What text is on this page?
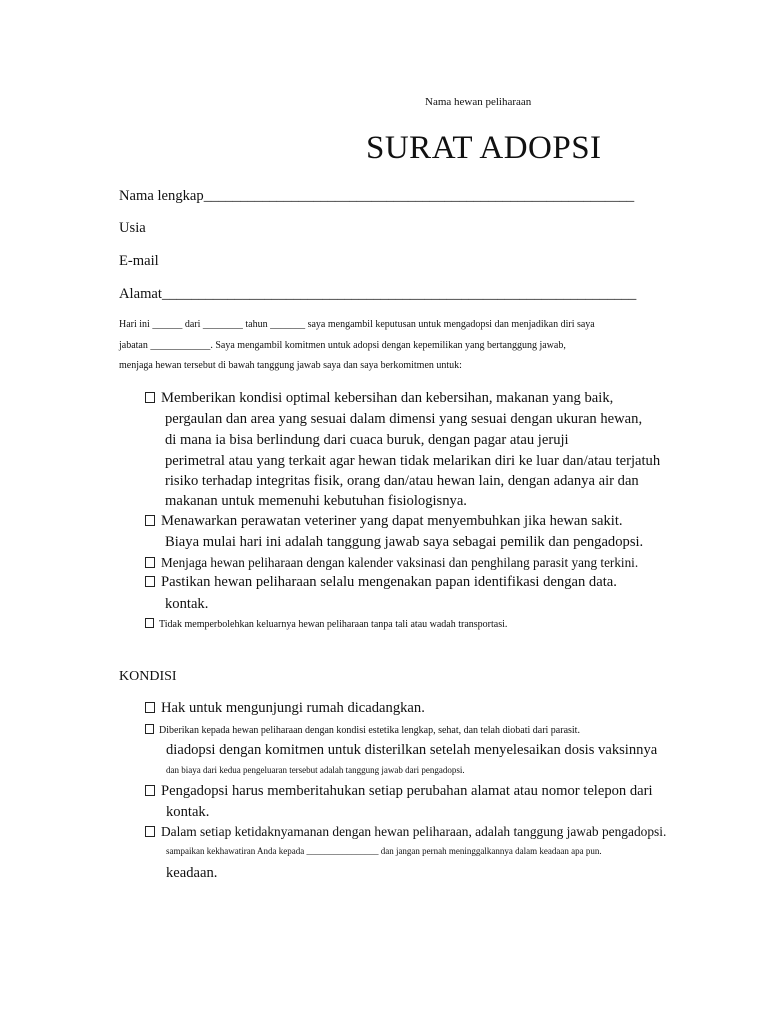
Nama hewan peliharaan
SURAT ADOPSI
Nama lengkap___________________________________________________________
Usia
E-mail
Alamat_________________________________________________________________
Hari ini ______ dari ________ tahun _______ saya mengambil keputusan untuk mengadopsi dan menjadikan diri saya
jabatan ____________. Saya mengambil komitmen untuk adopsi dengan kepemilikan yang bertanggung jawab,
menjaga hewan tersebut di bawah tanggung jawab saya dan saya berkomitmen untuk:
Memberikan kondisi optimal kebersihan dan kebersihan, makanan yang baik,
pergaulan dan area yang sesuai dalam dimensi yang sesuai dengan ukuran hewan,
di mana ia bisa berlindung dari cuaca buruk, dengan pagar atau jeruji
perimetral atau yang terkait agar hewan tidak melarikan diri ke luar dan/atau terjatuh
risiko terhadap integritas fisik, orang dan/atau hewan lain, dengan adanya air dan
makanan untuk memenuhi kebutuhan fisiologisnya.
Menawarkan perawatan veteriner yang dapat menyembuhkan jika hewan sakit.
Biaya mulai hari ini adalah tanggung jawab saya sebagai pemilik dan pengadopsi.
Menjaga hewan peliharaan dengan kalender vaksinasi dan penghilang parasit yang terkini.
Pastikan hewan peliharaan selalu mengenakan papan identifikasi dengan data.
kontak.
Tidak memperbolehkan keluarnya hewan peliharaan tanpa tali atau wadah transportasi.
KONDISI
Hak untuk mengunjungi rumah dicadangkan.
Diberikan kepada hewan peliharaan dengan kondisi estetika lengkap, sehat, dan telah diobati dari parasit.
diadopsi dengan komitmen untuk disterilkan setelah menyelesaikan dosis vaksinnya
dan biaya dari kedua pengeluaran tersebut adalah tanggung jawab dari pengadopsi.
Pengadopsi harus memberitahukan setiap perubahan alamat atau nomor telepon dari
kontak.
Dalam setiap ketidaknyamanan dengan hewan peliharaan, adalah tanggung jawab pengadopsi.
sampaikan kekhawatiran Anda kepada ________________ dan jangan pernah meninggalkannya dalam keadaan apa pun.
keadaan.
